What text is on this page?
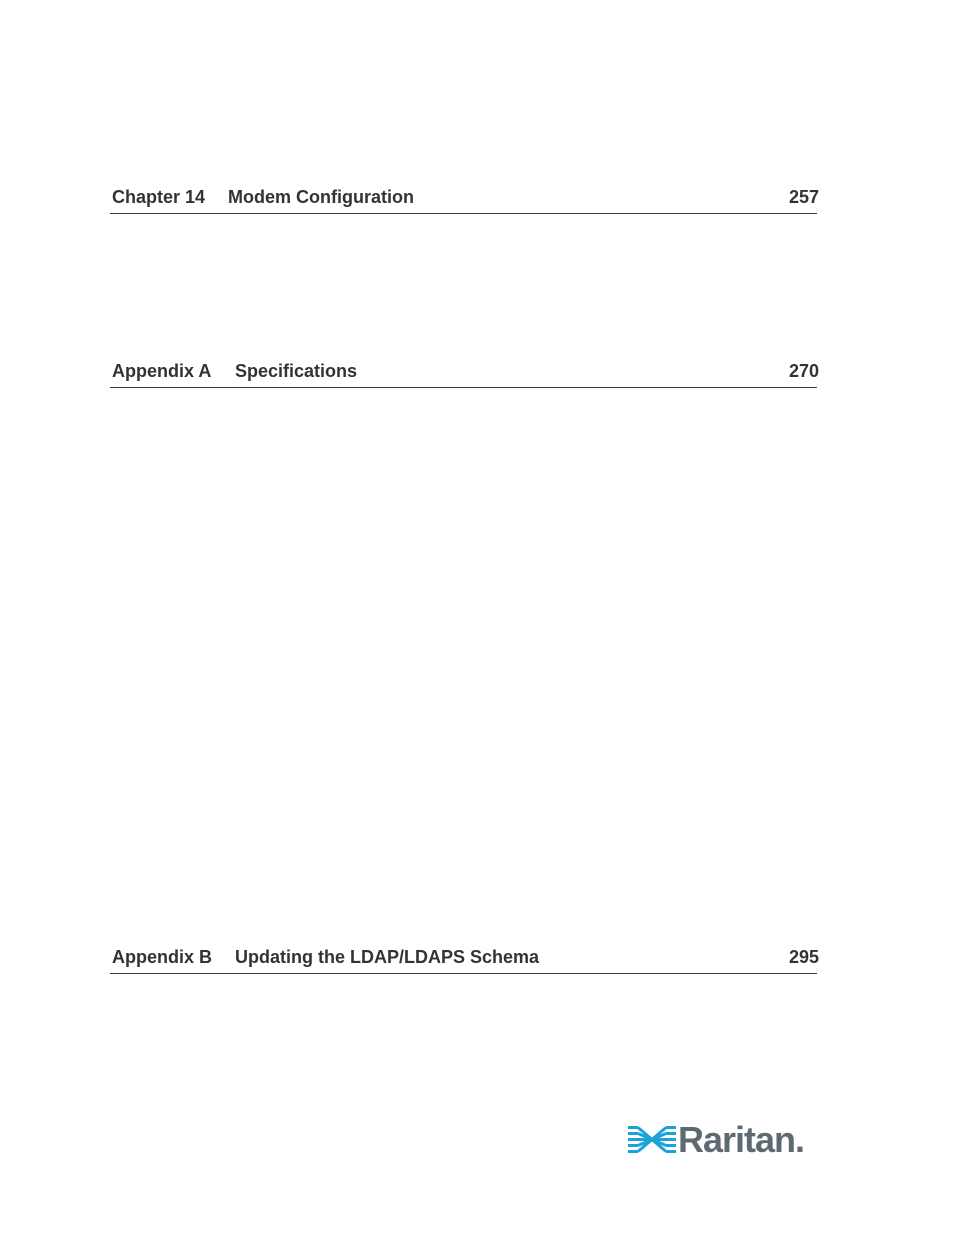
Chapter 14 Modem Configuration	257
Appendix A Specifications	270
Appendix B Updating the LDAP/LDAPS Schema	295
Raritan.
